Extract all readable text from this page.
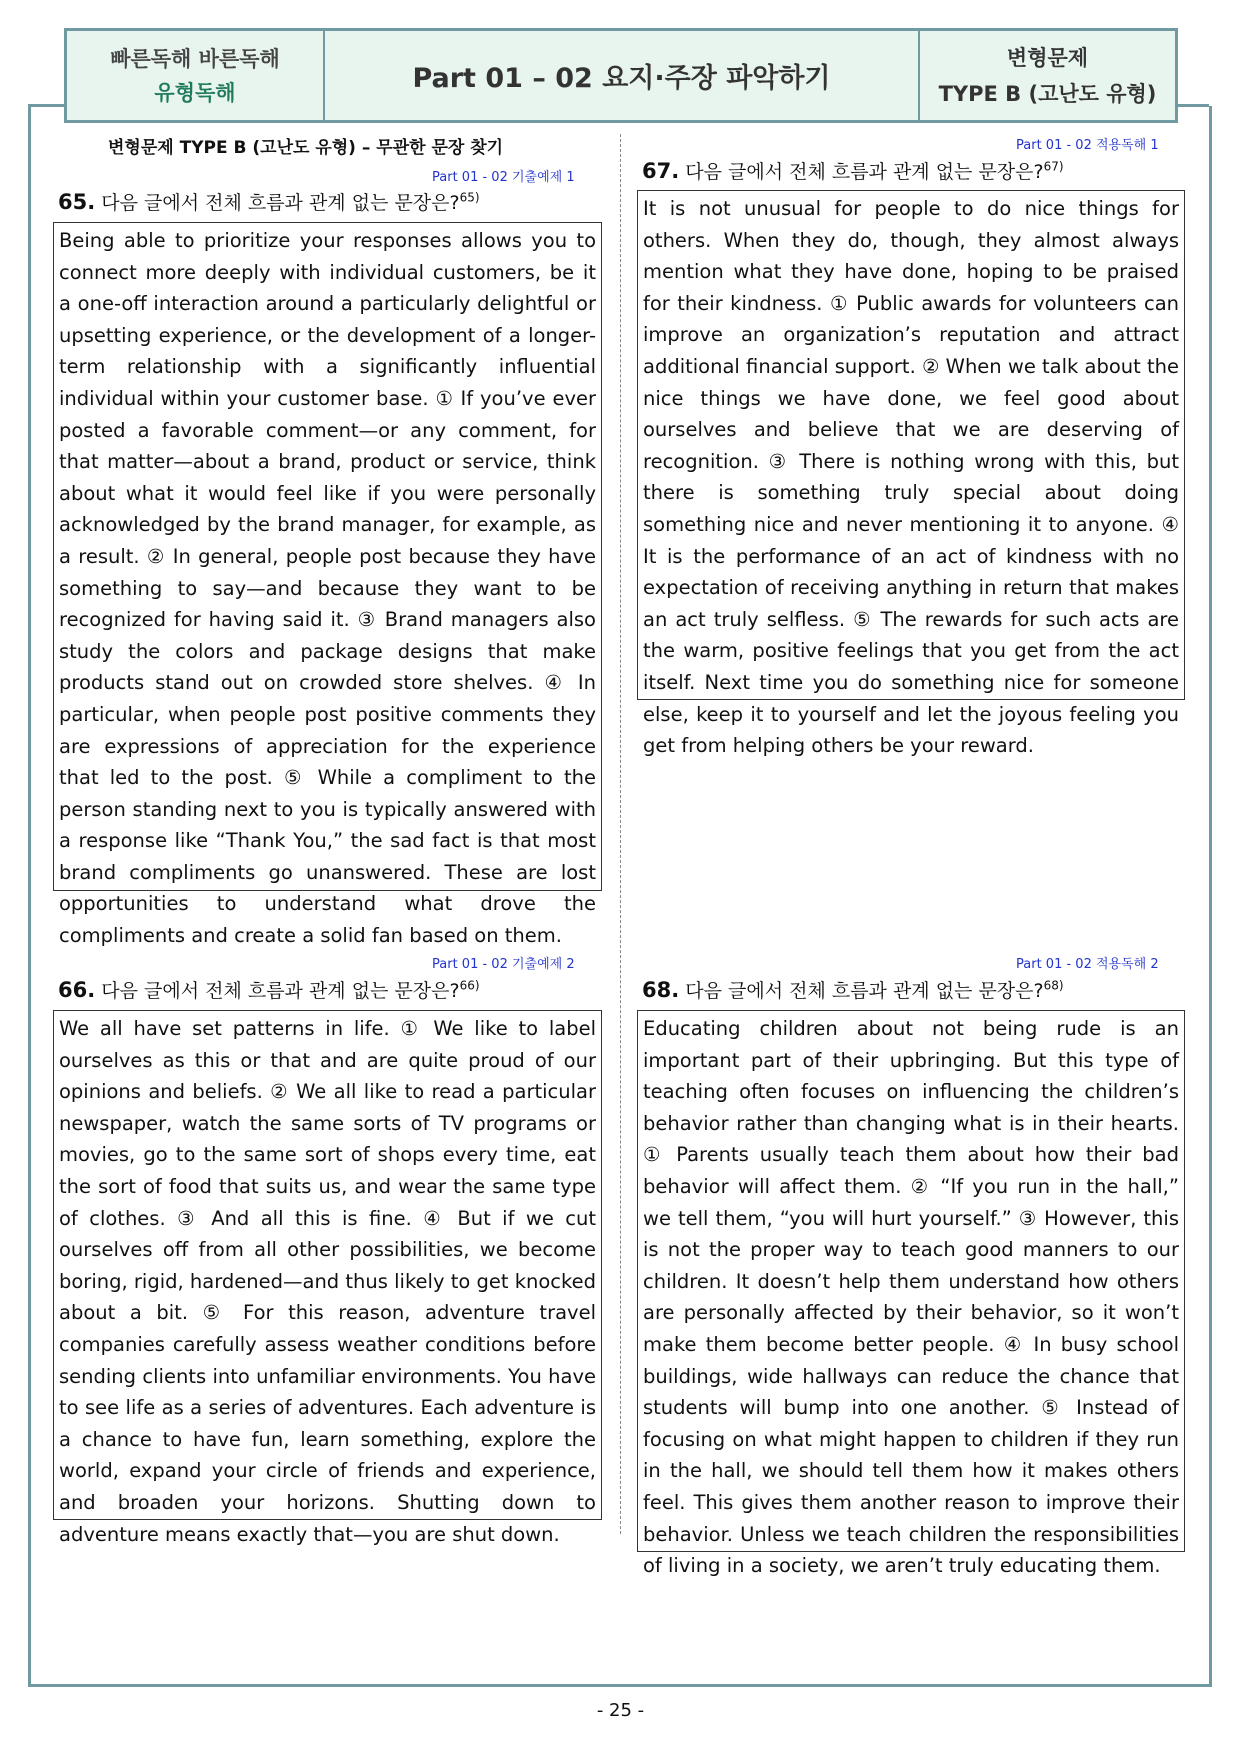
빠른독해 바른독해
유형독해	Part 01 – 02 요지·주장 파악하기
변형문제
TYPE B (고난도 유형)
변형문제 TYPE B (고난도 유형) – 무관한 문장 찾기
Part 01 - 02 기출예제 1
65. 다음 글에서 전체 흐름과 관계 없는 문장은?$^{65)}$
Being able to prioritize your responses allows you to connect more deeply with individual customers, be it a one-off interaction around a particularly delightful or upsetting experience, or the development of a longer-term relationship with a significantly influential individual within your customer base. ① If you’ve ever posted a favorable comment—or any comment, for that matter—about a brand, product or service, think about what it would feel like if you were personally acknowledged by the brand manager, for example, as a result. ② In general, people post because they have something to say—and because they want to be recognized for having said it. ③ Brand managers also study the colors and package designs that make products stand out on crowded store shelves. ④ In particular, when people post positive comments they are expressions of appreciation for the experience that led to the post. ⑤ While a compliment to the person standing next to you is typically answered with a response like “Thank You,” the sad fact is that most brand compliments go unanswered. These are lost opportunities to understand what drove the compliments and create a solid fan based on them.
Part 01 - 02 기출예제 2
66. 다음 글에서 전체 흐름과 관계 없는 문장은?$^{66)}$
We all have set patterns in life. ① We like to label ourselves as this or that and are quite proud of our opinions and beliefs. ② We all like to read a particular newspaper, watch the same sorts of TV programs or movies, go to the same sort of shops every time, eat the sort of food that suits us, and wear the same type of clothes. ③ And all this is fine. ④ But if we cut ourselves off from all other possibilities, we become boring, rigid, hardened—and thus likely to get knocked about a bit. ⑤ For this reason, adventure travel companies carefully assess weather conditions before sending clients into unfamiliar environments. You have to see life as a series of adventures. Each adventure is a chance to have fun, learn something, explore the world, expand your circle of friends and experience, and broaden your horizons. Shutting down to adventure means exactly that—you are shut down.
Part 01 - 02 적용독해 1
67. 다음 글에서 전체 흐름과 관계 없는 문장은?$^{67)}$
It is not unusual for people to do nice things for others. When they do, though, they almost always mention what they have done, hoping to be praised for their kindness. ① Public awards for volunteers can improve an organization’s reputation and attract additional financial support. ② When we talk about the nice things we have done, we feel good about ourselves and believe that we are deserving of recognition. ③ There is nothing wrong with this, but there is something truly special about doing something nice and never mentioning it to anyone. ④ It is the performance of an act of kindness with no expectation of receiving anything in return that makes an act truly selfless. ⑤ The rewards for such acts are the warm, positive feelings that you get from the act itself. Next time you do something nice for someone else, keep it to yourself and let the joyous feeling you get from helping others be your reward.
Part 01 - 02 적용독해 2
68. 다음 글에서 전체 흐름과 관계 없는 문장은?$^{68)}$
Educating children about not being rude is an important part of their upbringing. But this type of teaching often focuses on influencing the children’s behavior rather than changing what is in their hearts. ① Parents usually teach them about how their bad behavior will affect them. ② “If you run in the hall,” we tell them, “you will hurt yourself.” ③ However, this is not the proper way to teach good manners to our children. It doesn’t help them understand how others are personally affected by their behavior, so it won’t make them become better people. ④ In busy school buildings, wide hallways can reduce the chance that students will bump into one another. ⑤ Instead of focusing on what might happen to children if they run in the hall, we should tell them how it makes others feel. This gives them another reason to improve their behavior. Unless we teach children the responsibilities of living in a society, we aren’t truly educating them.
- 25 -
